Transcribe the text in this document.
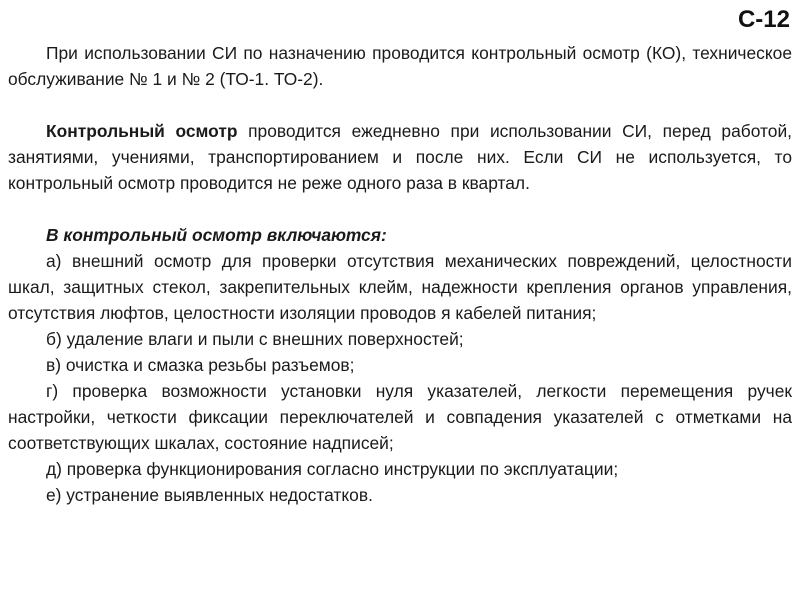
С-12

При использовании СИ по назначению проводится контрольный осмотр (КО), техническое обслуживание № 1 и № 2 (ТО-1. ТО-2).

Контрольный осмотр проводится ежедневно при использовании СИ, перед работой, занятиями, учениями, транспортированием и после них. Если СИ не используется, то контрольный осмотр проводится не реже одного раза в квартал.

В контрольный осмотр включаются:

а) внешний осмотр для проверки отсутствия механических повреждений, целостности шкал, защитных стекол, закрепительных клейм, надежности крепления органов управления, отсутствия люфтов, целостности изоляции проводов я кабелей питания;

б) удаление влаги и пыли с внешних поверхностей;

в) очистка и смазка резьбы разъемов;

г) проверка возможности установки нуля указателей, легкости перемещения ручек настройки, четкости фиксации переключателей и совпадения указателей с отметками на соответствующих шкалах, состояние надписей;

д) проверка функционирования согласно инструкции по эксплуатации;

е) устранение выявленных недостатков.
